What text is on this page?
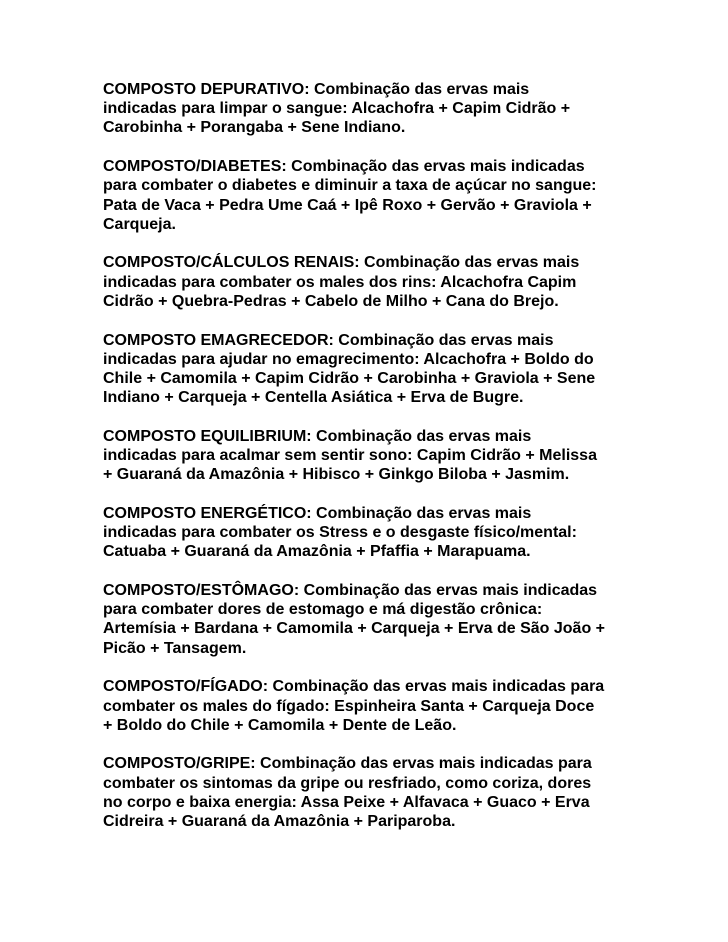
COMPOSTO DEPURATIVO: Combinação das ervas mais
indicadas para limpar o sangue: Alcachofra + Capim Cidrão +
Carobinha + Porangaba + Sene Indiano.

COMPOSTO/DIABETES: Combinação das ervas mais indicadas
para combater o diabetes e diminuir a taxa de açúcar no sangue:
Pata de Vaca + Pedra Ume Caá + Ipê Roxo + Gervão + Graviola +
Carqueja.

COMPOSTO/CÁLCULOS RENAIS: Combinação das ervas mais
indicadas para combater os males dos rins: Alcachofra Capim
Cidrão + Quebra-Pedras + Cabelo de Milho + Cana do Brejo.

COMPOSTO EMAGRECEDOR: Combinação das ervas mais
indicadas para ajudar no emagrecimento: Alcachofra + Boldo do
Chile + Camomila + Capim Cidrão + Carobinha + Graviola + Sene
Indiano + Carqueja + Centella Asiática + Erva de Bugre.

COMPOSTO EQUILIBRIUM: Combinação das ervas mais
indicadas para acalmar sem sentir sono: Capim Cidrão + Melissa
+ Guaraná da Amazônia + Hibisco + Ginkgo Biloba + Jasmim.

COMPOSTO ENERGÉTICO: Combinação das ervas mais
indicadas para combater os Stress e o desgaste físico/mental:
Catuaba + Guaraná da Amazônia + Pfaffia + Marapuama.

COMPOSTO/ESTÔMAGO: Combinação das ervas mais indicadas
para combater dores de estomago e má digestão crônica:
Artemísia + Bardana + Camomila + Carqueja + Erva de São João +
Picão + Tansagem.

COMPOSTO/FÍGADO: Combinação das ervas mais indicadas para
combater os males do fígado: Espinheira Santa + Carqueja Doce
+ Boldo do Chile + Camomila + Dente de Leão.

COMPOSTO/GRIPE: Combinação das ervas mais indicadas para
combater os sintomas da gripe ou resfriado, como coriza, dores
no corpo e baixa energia: Assa Peixe + Alfavaca + Guaco + Erva
Cidreira + Guaraná da Amazônia + Pariparoba.
